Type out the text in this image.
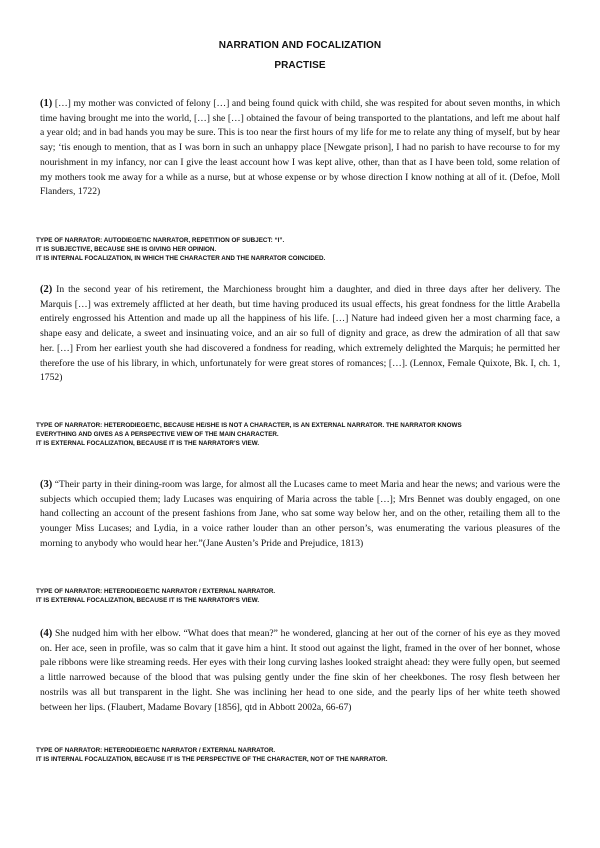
NARRATION AND FOCALIZATION
PRACTISE
(1) […] my mother was convicted of felony […] and being found quick with child, she was respited for about seven months, in which time having brought me into the world, […] she […] obtained the favour of being transported to the plantations, and left me about half a year old; and in bad hands you may be sure. This is too near the first hours of my life for me to relate any thing of myself, but by hear say; ‘tis enough to mention, that as I was born in such an unhappy place [Newgate prison], I had no parish to have recourse to for my nourishment in my infancy, nor can I give the least account how I was kept alive, other, than that as I have been told, some relation of my mothers took me away for a while as a nurse, but at whose expense or by whose direction I know nothing at all of it. (Defoe, Moll Flanders, 1722)
TYPE OF NARRATOR: AUTODIEGETIC NARRATOR, REPETITION OF SUBJECT: “I”.
IT IS SUBJECTIVE, BECAUSE SHE IS GIVING HER OPINION.
IT IS INTERNAL FOCALIZATION, IN WHICH THE CHARACTER AND THE NARRATOR COINCIDED.
(2) In the second year of his retirement, the Marchioness brought him a daughter, and died in three days after her delivery. The Marquis […] was extremely afflicted at her death, but time having produced its usual effects, his great fondness for the little Arabella entirely engrossed his Attention and made up all the happiness of his life. […] Nature had indeed given her a most charming face, a shape easy and delicate, a sweet and insinuating voice, and an air so full of dignity and grace, as drew the admiration of all that saw her. […] From her earliest youth she had discovered a fondness for reading, which extremely delighted the Marquis; he permitted her therefore the use of his library, in which, unfortunately for were great stores of romances; […]. (Lennox, Female Quixote, Bk. I, ch. 1, 1752)
TYPE OF NARRATOR: HETERODIEGETIC, BECAUSE HE/SHE IS NOT A CHARACTER, IS AN EXTERNAL NARRATOR. THE NARRATOR KNOWS
EVERYTHING AND GIVES AS A PERSPECTIVE VIEW OF THE MAIN CHARACTER.
IT IS EXTERNAL FOCALIZATION, BECAUSE IT IS THE NARRATOR’S VIEW.
(3) “Their party in their dining-room was large, for almost all the Lucases came to meet Maria and hear the news; and various were the subjects which occupied them; lady Lucases was enquiring of Maria across the table […]; Mrs Bennet was doubly engaged, on one hand collecting an account of the present fashions from Jane, who sat some way below her, and on the other, retailing them all to the younger Miss Lucases; and Lydia, in a voice rather louder than an other person’s, was enumerating the various pleasures of the morning to anybody who would hear her.”(Jane Austen’s Pride and Prejudice, 1813)
TYPE OF NARRATOR: HETERODIEGETIC NARRATOR / EXTERNAL NARRATOR.
IT IS EXTERNAL FOCALIZATION, BECAUSE IT IS THE NARRATOR’S VIEW.
(4) She nudged him with her elbow. “What does that mean?” he wondered, glancing at her out of the corner of his eye as they moved on. Her ace, seen in profile, was so calm that it gave him a hint. It stood out against the light, framed in the over of her bonnet, whose pale ribbons were like streaming reeds. Her eyes with their long curving lashes looked straight ahead: they were fully open, but seemed a little narrowed because of the blood that was pulsing gently under the fine skin of her cheekbones. The rosy flesh between her nostrils was all but transparent in the light. She was inclining her head to one side, and the pearly lips of her white teeth showed between her lips. (Flaubert, Madame Bovary [1856], qtd in Abbott 2002a, 66-67)
TYPE OF NARRATOR: HETERODIEGETIC NARRATOR / EXTERNAL NARRATOR.
IT IS INTERNAL FOCALIZATION, BECAUSE IT IS THE PERSPECTIVE OF THE CHARACTER, NOT OF THE NARRATOR.
